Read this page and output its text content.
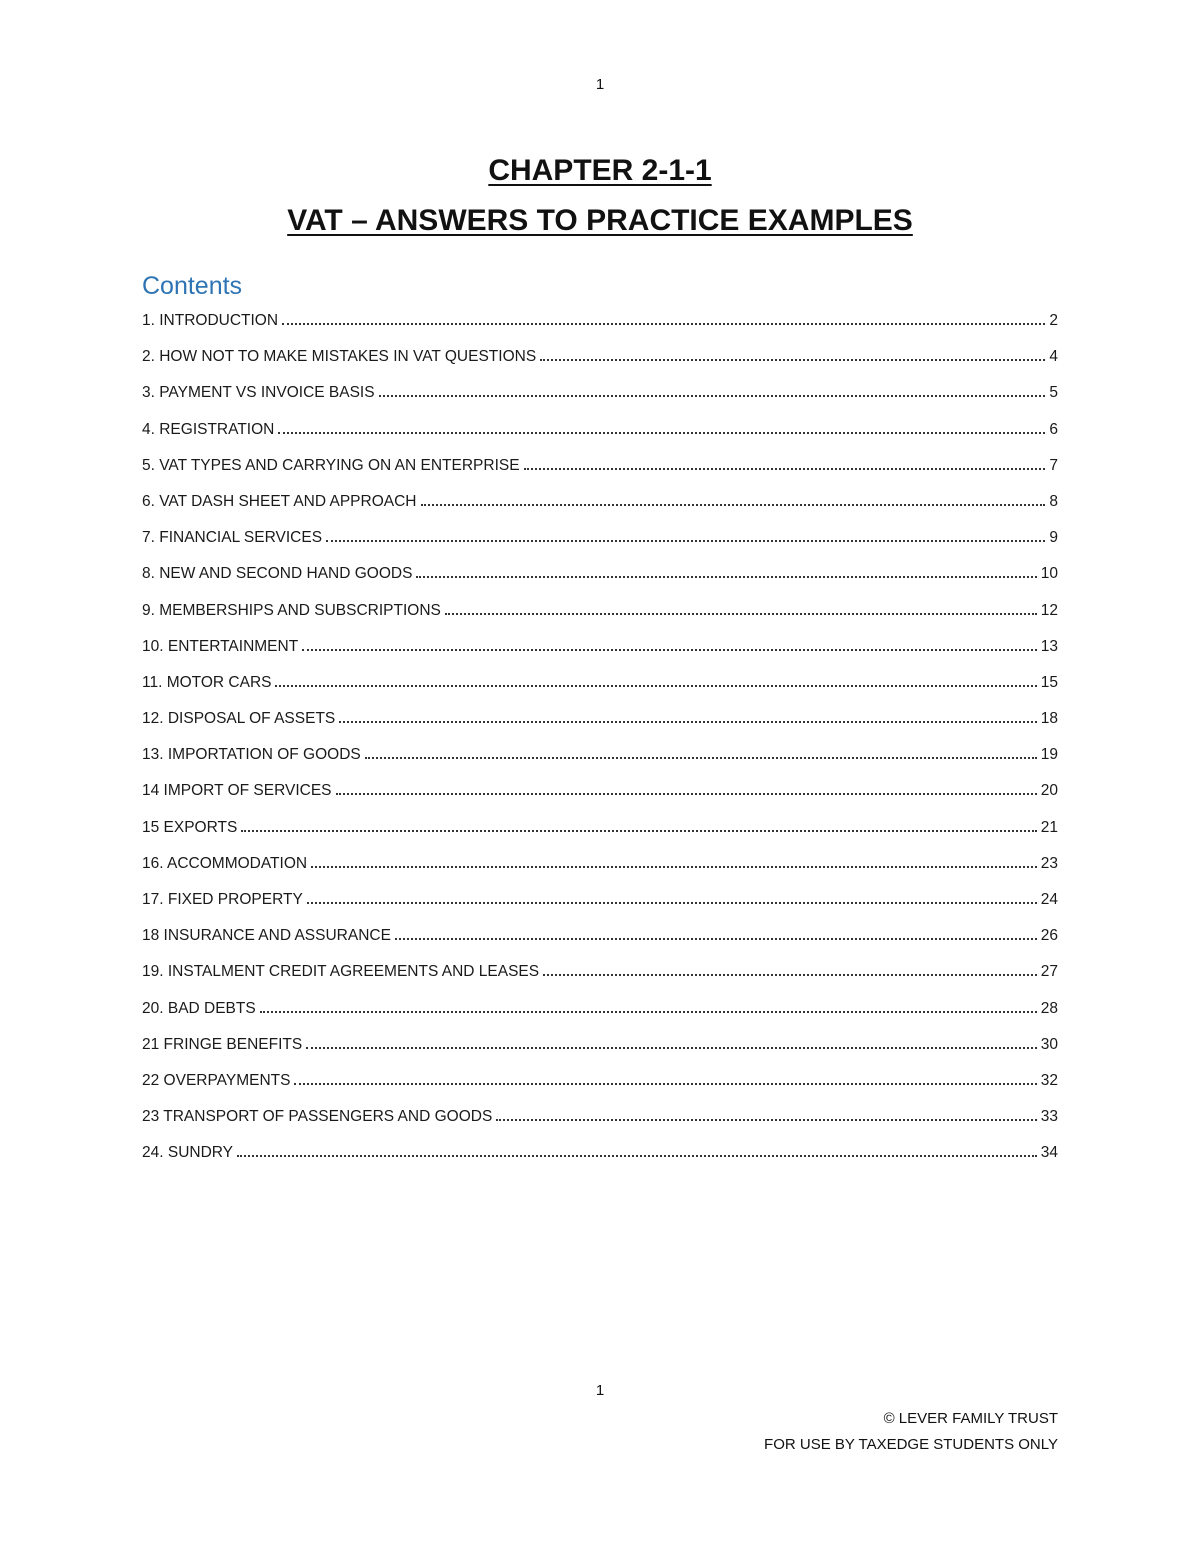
1
CHAPTER 2-1-1
VAT – ANSWERS TO PRACTICE EXAMPLES
Contents
1. INTRODUCTION	2
2. HOW NOT TO MAKE MISTAKES IN VAT QUESTIONS	4
3. PAYMENT VS INVOICE BASIS	5
4. REGISTRATION	6
5. VAT TYPES AND CARRYING ON AN ENTERPRISE	7
6. VAT DASH SHEET AND APPROACH	8
7. FINANCIAL SERVICES	9
8. NEW AND SECOND HAND GOODS	10
9. MEMBERSHIPS AND SUBSCRIPTIONS	12
10. ENTERTAINMENT	13
11. MOTOR CARS	15
12. DISPOSAL OF ASSETS	18
13. IMPORTATION OF GOODS	19
14 IMPORT OF SERVICES	20
15 EXPORTS	21
16. ACCOMMODATION	23
17. FIXED PROPERTY	24
18 INSURANCE AND ASSURANCE	26
19. INSTALMENT CREDIT AGREEMENTS AND LEASES	27
20. BAD DEBTS	28
21 FRINGE BENEFITS	30
22 OVERPAYMENTS	32
23 TRANSPORT OF PASSENGERS AND GOODS	33
24. SUNDRY	34
1
© LEVER FAMILY TRUST
FOR USE BY TAXEDGE STUDENTS ONLY
